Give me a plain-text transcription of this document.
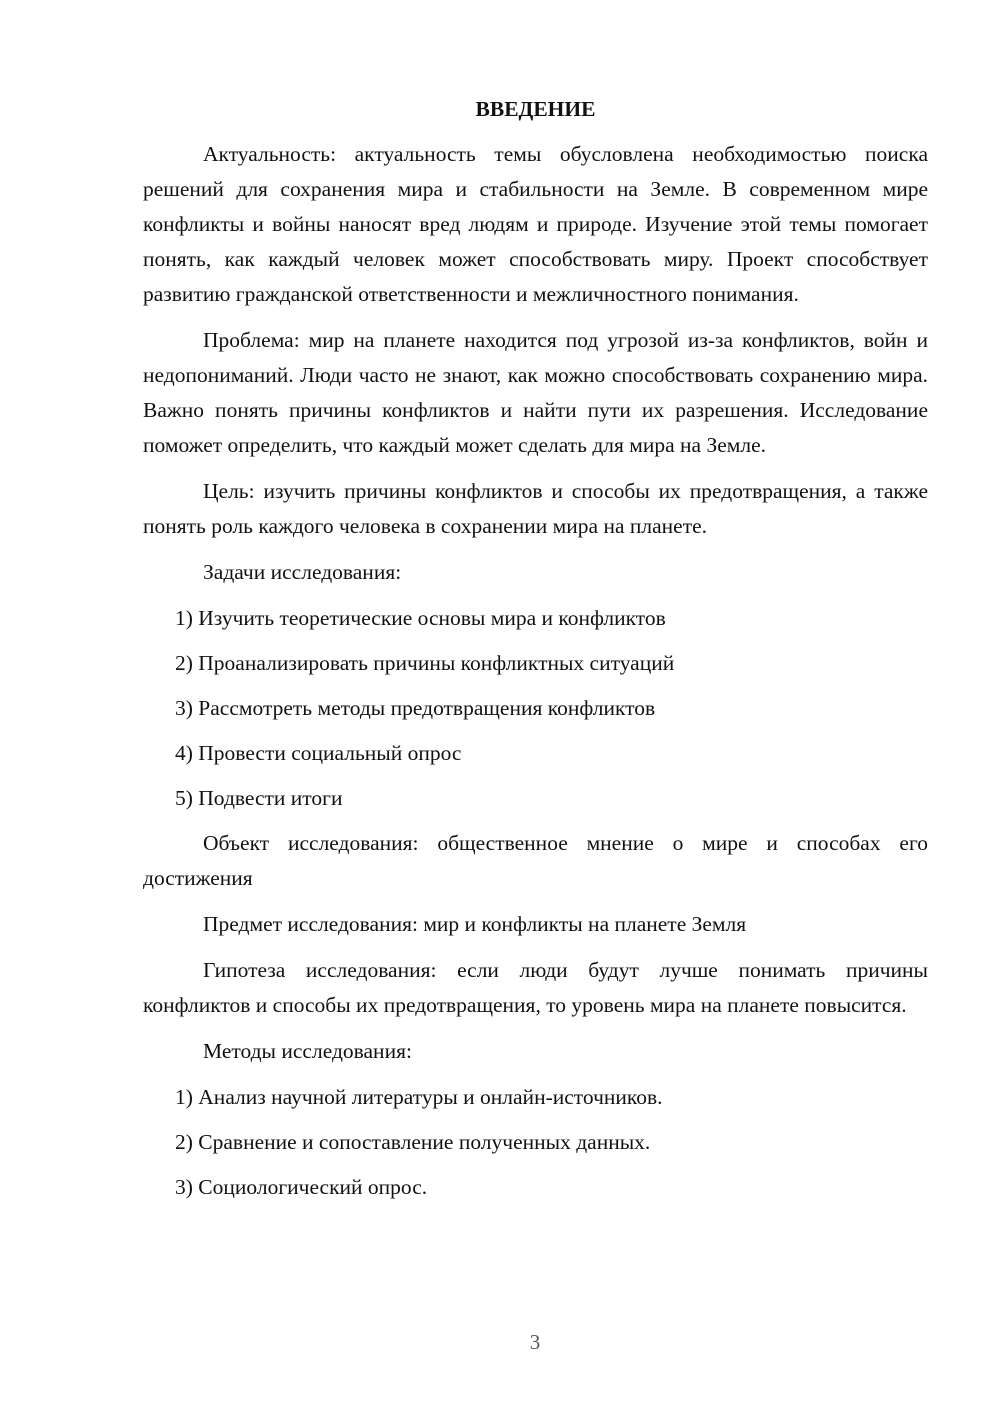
ВВЕДЕНИЕ

Актуальность: актуальность темы обусловлена необходимостью поиска решений для сохранения мира и стабильности на Земле. В современном мире конфликты и войны наносят вред людям и природе. Изучение этой темы помогает понять, как каждый человек может способствовать миру. Проект способствует развитию гражданской ответственности и межличностного понимания.

Проблема: мир на планете находится под угрозой из-за конфликтов, войн и недопониманий. Люди часто не знают, как можно способствовать сохранению мира. Важно понять причины конфликтов и найти пути их разрешения. Исследование поможет определить, что каждый может сделать для мира на Земле.

Цель: изучить причины конфликтов и способы их предотвращения, а также понять роль каждого человека в сохранении мира на планете.

Задачи исследования:

1) Изучить теоретические основы мира и конфликтов
2) Проанализировать причины конфликтных ситуаций
3) Рассмотреть методы предотвращения конфликтов
4) Провести социальный опрос
5) Подвести итоги

Объект исследования: общественное мнение о мире и способах его достижения

Предмет исследования: мир и конфликты на планете Земля

Гипотеза исследования: если люди будут лучше понимать причины конфликтов и способы их предотвращения, то уровень мира на планете повысится.

Методы исследования:

1) Анализ научной литературы и онлайн-источников.
2) Сравнение и сопоставление полученных данных.
3) Социологический опрос.
3
